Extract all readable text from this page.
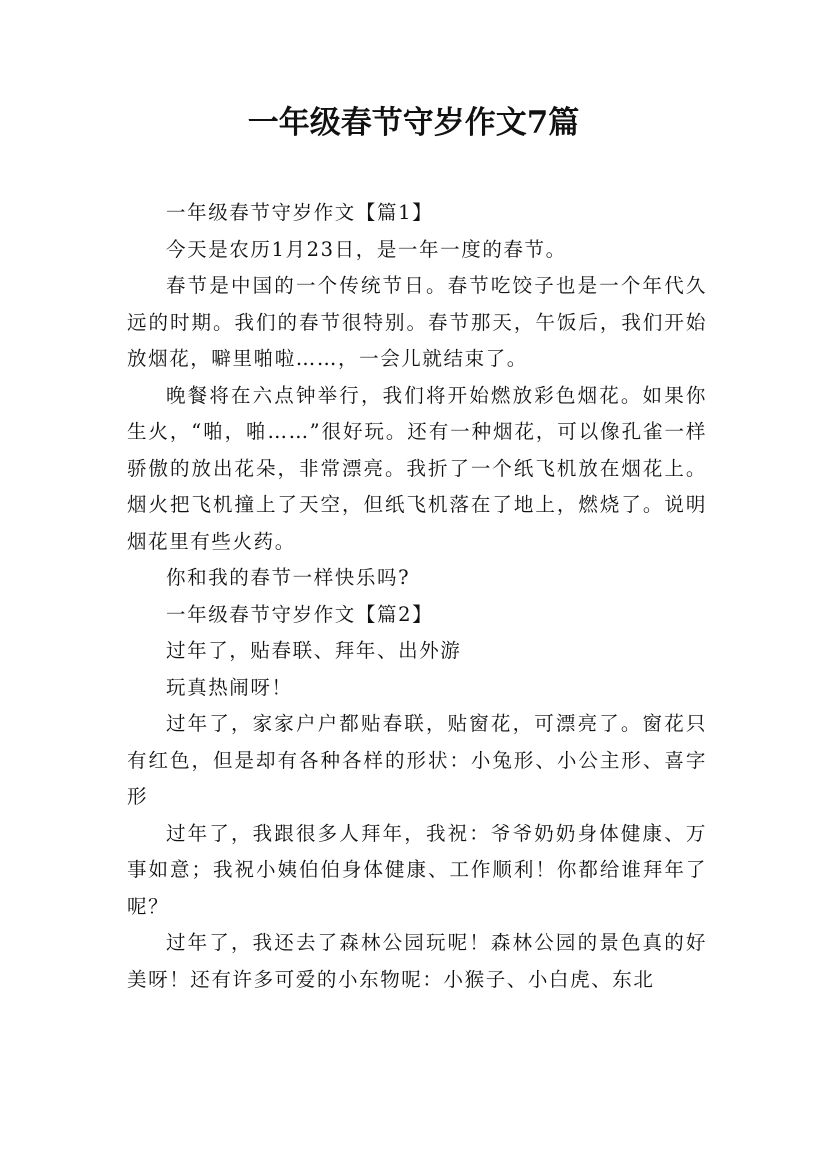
一年级春节守岁作文7篇

一年级春节守岁作文【篇1】

今天是农历1月23日，是一年一度的春节。

春节是中国的一个传统节日。春节吃饺子也是一个年代久远的时期。我们的春节很特别。春节那天，午饭后，我们开始放烟花，噼里啪啦……，一会儿就结束了。

晚餐将在六点钟举行，我们将开始燃放彩色烟花。如果你生火，“啪，啪……”很好玩。还有一种烟花，可以像孔雀一样骄傲的放出花朵，非常漂亮。我折了一个纸飞机放在烟花上。烟火把飞机撞上了天空，但纸飞机落在了地上，燃烧了。说明烟花里有些火药。

你和我的春节一样快乐吗?

一年级春节守岁作文【篇2】

过年了，贴春联、拜年、出外游

玩真热闹呀！

过年了，家家户户都贴春联，贴窗花，可漂亮了。窗花只有红色，但是却有各种各样的形状：小兔形、小公主形、喜字形

过年了，我跟很多人拜年，我祝：爷爷奶奶身体健康、万事如意；我祝小姨伯伯身体健康、工作顺利！你都给谁拜年了呢？

过年了，我还去了森林公园玩呢！森林公园的景色真的好美呀！还有许多可爱的小东物呢：小猴子、小白虎、东北
